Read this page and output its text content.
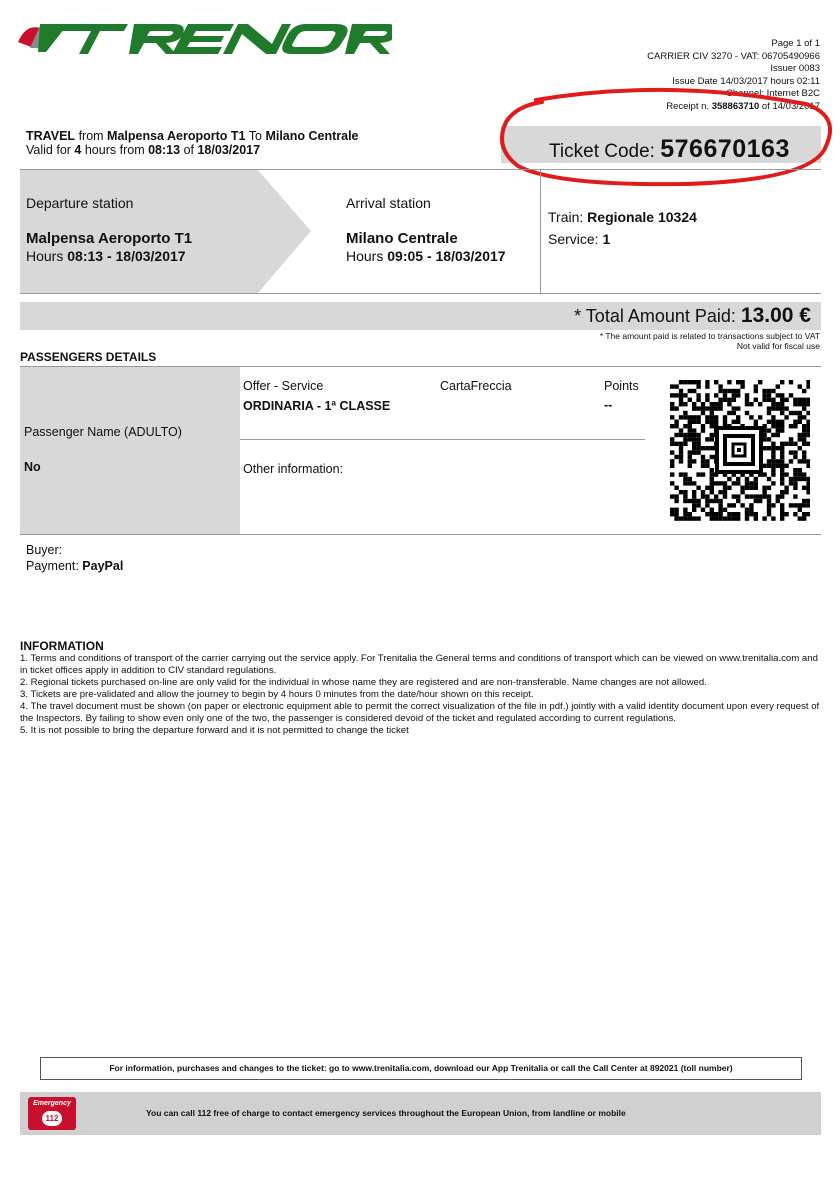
Page 1 of 1
CARRIER CIV 3270 - VAT: 06705490966
Issuer 0083
Issue Date 14/03/2017 hours 02:11
Channel: Internet B2C
Receipt n. 358863710 of 14/03/2017
TRAVEL from Malpensa Aeroporto T1 To Milano Centrale
Valid for 4 hours from 08:13 of 18/03/2017	Ticket Code: 576670163
Departure station
Malpensa Aeroporto T1
Hours 08:13 - 18/03/2017
Arrival station
Milano Centrale
Hours 09:05 - 18/03/2017
Train: Regionale 10324
Service: 1
* Total Amount Paid: 13.00 €
* The amount paid is related to transactions subject to VAT
Not valid for fiscal use
PASSENGERS DETAILS
Passenger Name (ADULTO)
No
Offer - Service
ORDINARIA - 1ª CLASSE
CartaFreccia	Points
--
Other information:
Buyer:
Payment: PayPal
INFORMATION
1. Terms and conditions of transport of the carrier carrying out the service apply. For Trenitalia the General terms and conditions of transport which can be viewed on www.trenitalia.com and in ticket offices apply in addition to CIV standard regulations.
2. Regional tickets purchased on-line are only valid for the individual in whose name they are registered and are non-transferable. Name changes are not allowed.
3. Tickets are pre-validated and allow the journey to begin by 4 hours 0 minutes from the date/hour shown on this receipt.
4. The travel document must be shown (on paper or electronic equipment able to permit the correct visualization of the file in pdf.) jointly with a valid identity document upon every request of the Inspectors. By failing to show even only one of the two, the passenger is considered devoid of the ticket and regulated according to current regulations.
5. It is not possible to bring the departure forward and it is not permitted to change the ticket
For information, purchases and changes to the ticket: go to www.trenitalia.com, download our App Trenitalia or call the Call Center at 892021 (toll number)
Emergency
112
You can call 112 free of charge to contact emergency services throughout the European Union, from landline or mobile
